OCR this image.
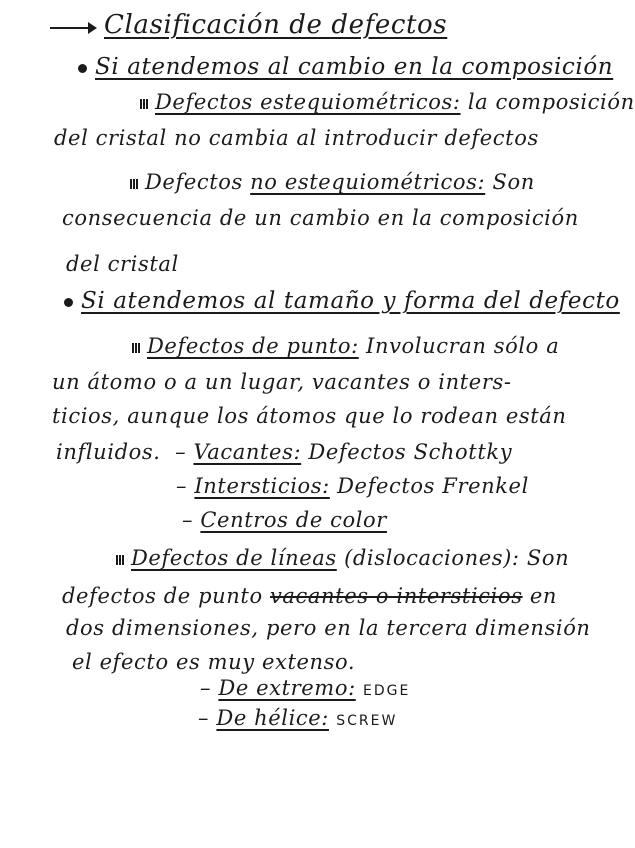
Clasificación de defectos
Si atendemos al cambio en la composición
Defectos estequiométricos: la composición
del cristal no cambia al introducir defectos
Defectos no estequiométricos: Son
consecuencia de un cambio en la composición
del cristal
Si atendemos al tamaño y forma del defecto
Defectos de punto: Involucran sólo a
un átomo o a un lugar, vacantes o inters-
ticios, aunque los átomos que lo rodean están
influidos.  – Vacantes: Defectos Schottky
– Intersticios: Defectos Frenkel
– Centros de color
Defectos de líneas (dislocaciones): Son
defectos de punto vacantes o intersticios en
dos dimensiones, pero en la tercera dimensión
el efecto es muy extenso.
– De extremo: EDGE
– De hélice: SCREW
